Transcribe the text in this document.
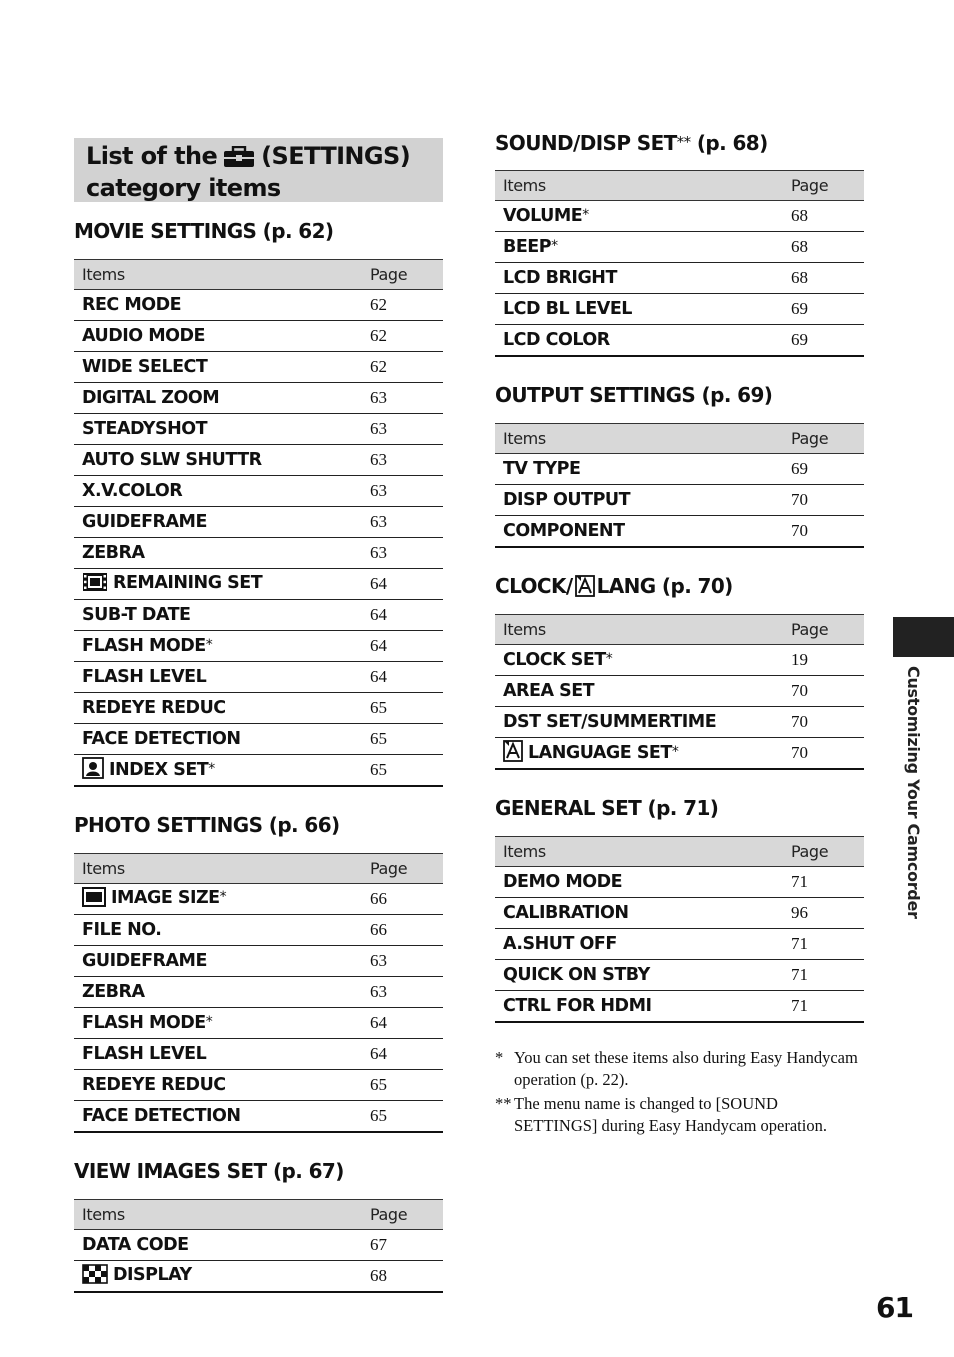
List of the (SETTINGS)
category items
MOVIE SETTINGS (p. 62)
Items	Page
REC MODE	62
AUDIO MODE	62
WIDE SELECT	62
DIGITAL ZOOM	63
STEADYSHOT	63
AUTO SLW SHUTTR	63
X.V.COLOR	63
GUIDEFRAME	63
ZEBRA	63
REMAINING SET	64
SUB-T DATE	64
FLASH MODE*	64
FLASH LEVEL	64
REDEYE REDUC	65
FACE DETECTION	65
INDEX SET*	65
PHOTO SETTINGS (p. 66)
Items	Page
IMAGE SIZE*	66
FILE NO.	66
GUIDEFRAME	63
ZEBRA	63
FLASH MODE*	64
FLASH LEVEL	64
REDEYE REDUC	65
FACE DETECTION	65
VIEW IMAGES SET (p. 67)
Items	Page
DATA CODE	67
DISPLAY	68
SOUND/DISP SET** (p. 68)
Items	Page
VOLUME*	68
BEEP*	68
LCD BRIGHT	68
LCD BL LEVEL	69
LCD COLOR	69
OUTPUT SETTINGS (p. 69)
Items	Page
TV TYPE	69
DISP OUTPUT	70
COMPONENT	70
CLOCK/ LANG (p. 70)
Items	Page
CLOCK SET*	19
AREA SET	70
DST SET/SUMMERTIME	70
LANGUAGE SET*	70
GENERAL SET (p. 71)
Items	Page
DEMO MODE	71
CALIBRATION	96
A.SHUT OFF	71
QUICK ON STBY	71
CTRL FOR HDMI	71
* You can set these items also during Easy Handycam operation (p. 22).
** The menu name is changed to [SOUND SETTINGS] during Easy Handycam operation.
Customizing Your Camcorder
61
